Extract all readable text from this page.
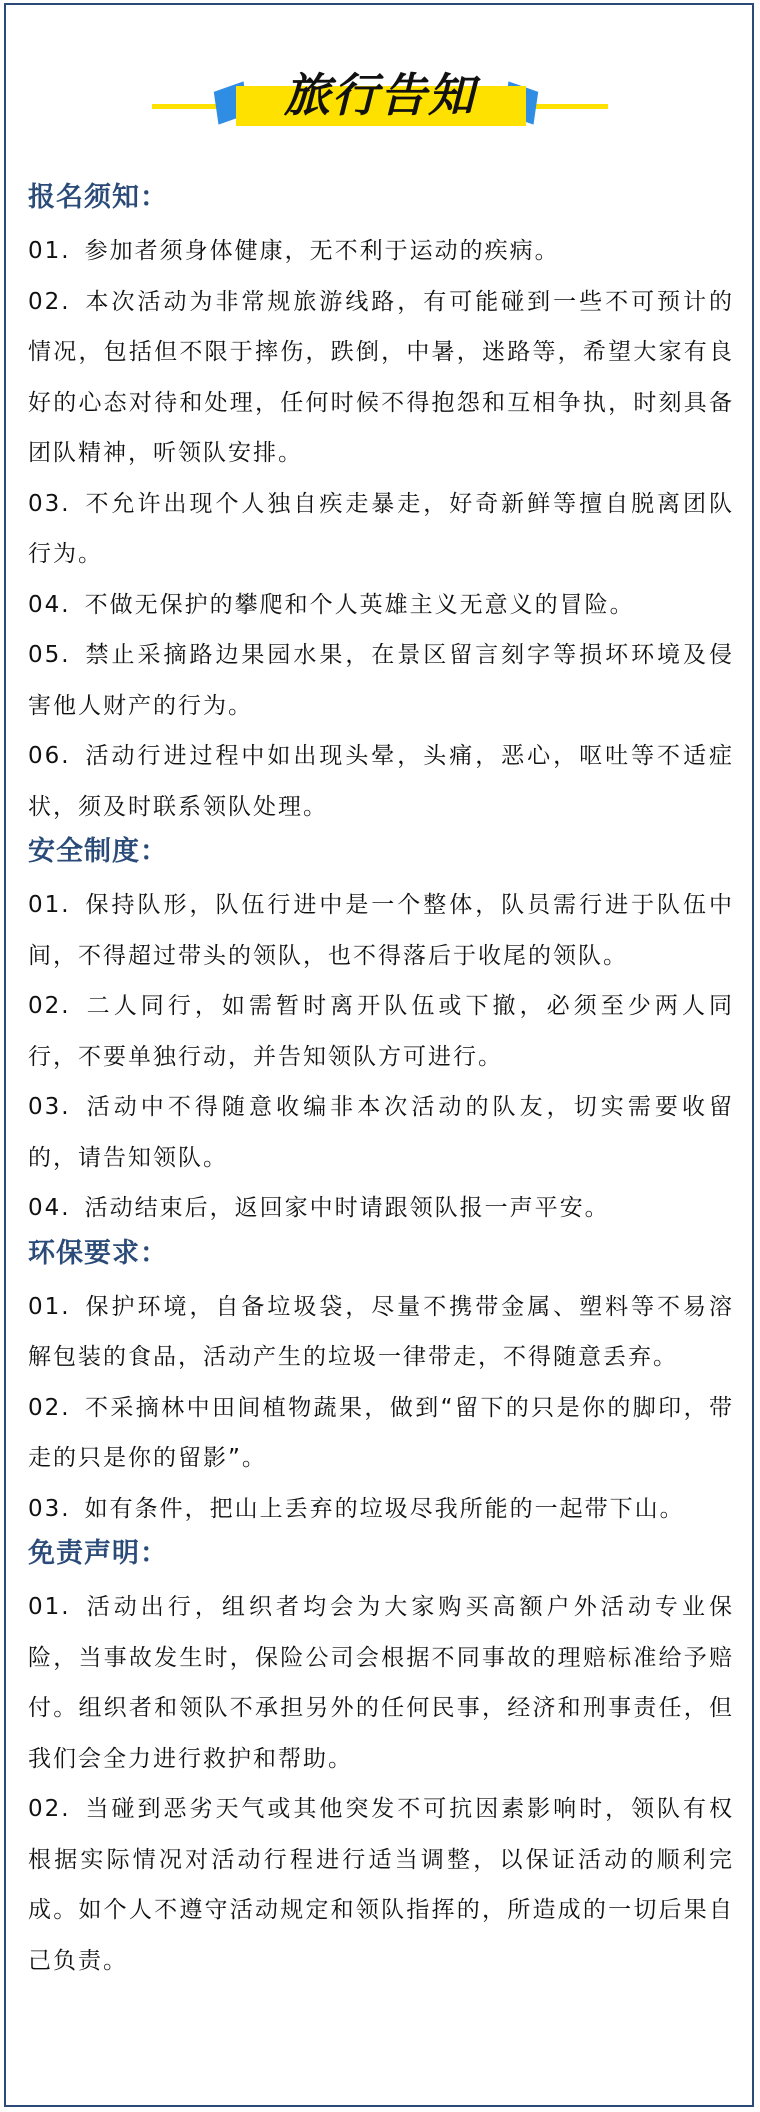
旅行告知
报名须知：
01. 参加者须身体健康，无不利于运动的疾病。
02. 本次活动为非常规旅游线路，有可能碰到一些不可预计的情况，包括但不限于摔伤，跌倒，中暑，迷路等，希望大家有良好的心态对待和处理，任何时候不得抱怨和互相争执，时刻具备团队精神，听领队安排。
03. 不允许出现个人独自疾走暴走，好奇新鲜等擅自脱离团队行为。
04. 不做无保护的攀爬和个人英雄主义无意义的冒险。
05. 禁止采摘路边果园水果，在景区留言刻字等损坏环境及侵害他人财产的行为。
06. 活动行进过程中如出现头晕，头痛，恶心，呕吐等不适症状，须及时联系领队处理。
安全制度：
01. 保持队形，队伍行进中是一个整体，队员需行进于队伍中间，不得超过带头的领队，也不得落后于收尾的领队。
02. 二人同行，如需暂时离开队伍或下撤，必须至少两人同行，不要单独行动，并告知领队方可进行。
03. 活动中不得随意收编非本次活动的队友，切实需要收留的，请告知领队。
04. 活动结束后，返回家中时请跟领队报一声平安。
环保要求：
01. 保护环境，自备垃圾袋，尽量不携带金属、塑料等不易溶解包装的食品，活动产生的垃圾一律带走，不得随意丢弃。
02. 不采摘林中田间植物蔬果，做到“留下的只是你的脚印，带走的只是你的留影”。
03. 如有条件，把山上丢弃的垃圾尽我所能的一起带下山。
免责声明：
01. 活动出行，组织者均会为大家购买高额户外活动专业保险，当事故发生时，保险公司会根据不同事故的理赔标准给予赔付。组织者和领队不承担另外的任何民事，经济和刑事责任，但我们会全力进行救护和帮助。
02. 当碰到恶劣天气或其他突发不可抗因素影响时，领队有权根据实际情况对活动行程进行适当调整，以保证活动的顺利完成。如个人不遵守活动规定和领队指挥的，所造成的一切后果自己负责。
